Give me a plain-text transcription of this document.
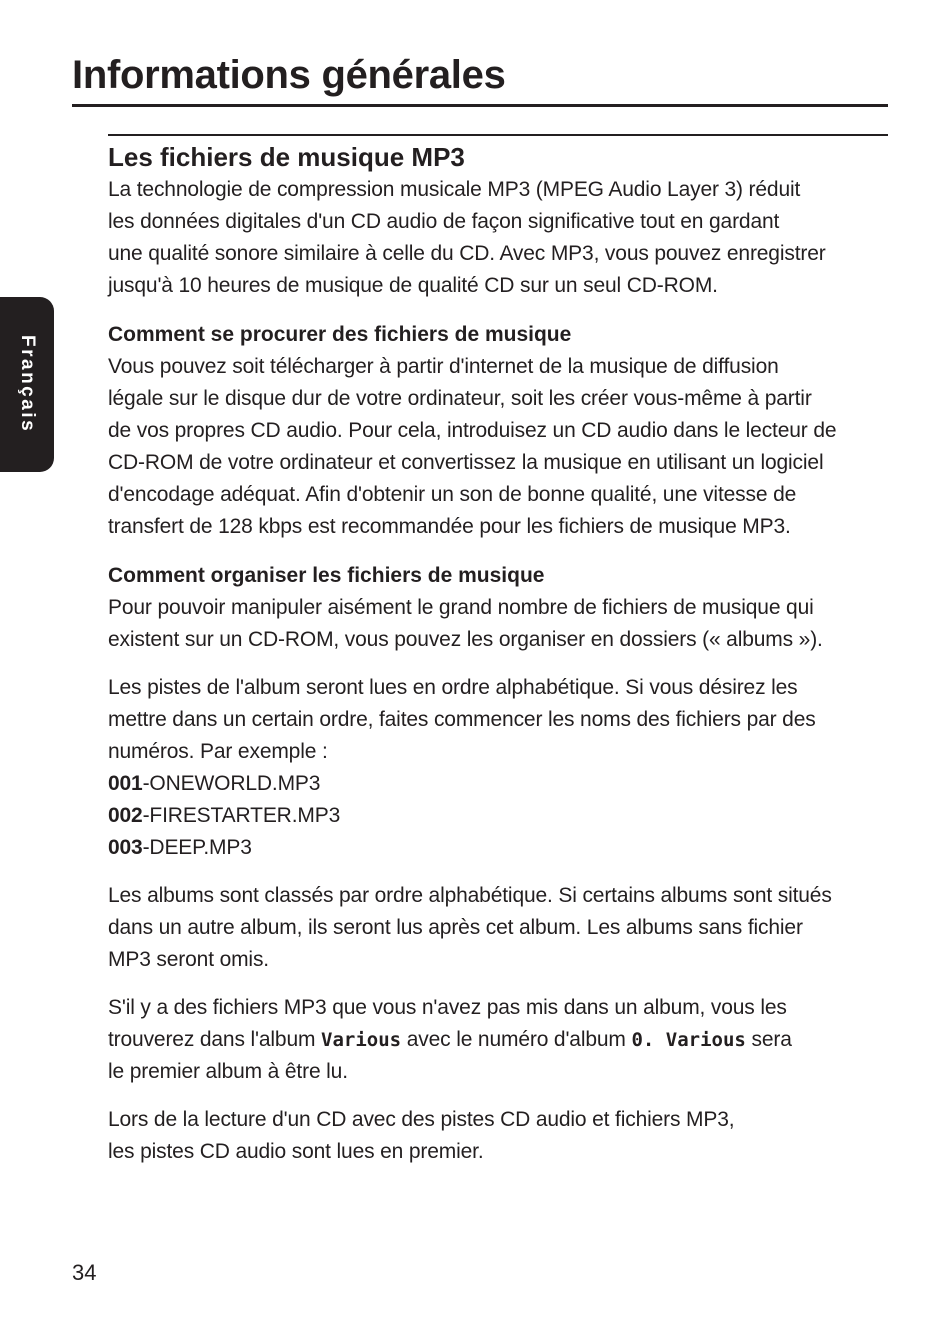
Informations générales
Français
Les fichiers de musique MP3
La technologie de compression musicale MP3 (MPEG Audio Layer 3) réduit
les données digitales d'un CD audio de façon significative tout en gardant
une qualité sonore similaire à celle du CD. Avec MP3, vous pouvez enregistrer
jusqu'à 10 heures de musique de qualité CD sur un seul CD-ROM.
Comment se procurer des fichiers de musique
Vous pouvez soit télécharger à partir d'internet de la musique de diffusion
légale sur le disque dur de votre ordinateur, soit les créer vous-même à partir
de vos propres CD audio. Pour cela, introduisez un CD audio dans le lecteur de
CD-ROM de votre ordinateur et convertissez la musique en utilisant un logiciel
d'encodage adéquat. Afin d'obtenir un son de bonne qualité, une vitesse de
transfert de 128 kbps est recommandée pour les fichiers de musique MP3.
Comment organiser les fichiers de musique
Pour pouvoir manipuler aisément le grand nombre de fichiers de musique qui
existent sur un CD-ROM, vous pouvez les organiser en dossiers (« albums »).
Les pistes de l'album seront lues en ordre alphabétique. Si vous désirez les
mettre dans un certain ordre, faites commencer les noms des fichiers par des
numéros. Par exemple :
001-ONEWORLD.MP3
002-FIRESTARTER.MP3
003-DEEP.MP3
Les albums sont classés par ordre alphabétique. Si certains albums sont situés
dans un autre album, ils seront lus après cet album. Les albums sans fichier
MP3 seront omis.
S'il y a des fichiers MP3 que vous n'avez pas mis dans un album, vous les
trouverez dans l'album Various avec le numéro d'album 0. Various sera
le premier album à être lu.
Lors de la lecture d'un CD avec des pistes CD audio et fichiers MP3,
les pistes CD audio sont lues en premier.
34
